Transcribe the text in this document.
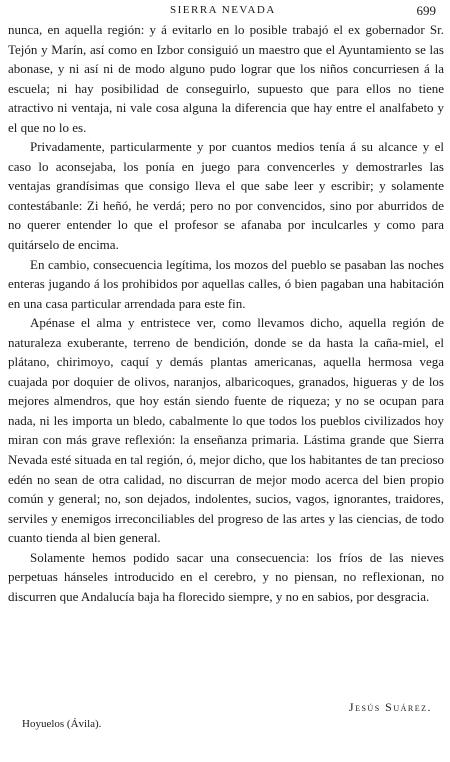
SIERRA NEVADA	699

nunca, en aquella región: y á evitarlo en lo posible trabajó el ex gobernador Sr. Tejón y Marín, así como en Izbor consiguió un maestro que el Ayuntamiento se las abonase, y ni así ni de modo alguno pudo lograr que los niños concurriesen á la escuela; ni hay posibilidad de conseguirlo, supuesto que para ellos no tiene atractivo ni ventaja, ni vale cosa alguna la diferencia que hay entre el analfabeto y el que no lo es.

Privadamente, particularmente y por cuantos medios tenía á su alcance y el caso lo aconsejaba, los ponía en juego para convencerles y demostrarles las ventajas grandísimas que consigo lleva el que sabe leer y escribir; y solamente contestábanle: Zi heñó, he verdá; pero no por convencidos, sino por aburridos de no querer entender lo que el profesor se afanaba por inculcarles y como para quitárselo de encima.

En cambio, consecuencia legítima, los mozos del pueblo se pasaban las noches enteras jugando á los prohibidos por aquellas calles, ó bien pagaban una habitación en una casa particular arrendada para este fin.

Apénase el alma y entristece ver, como llevamos dicho, aquella región de naturaleza exuberante, terreno de bendición, donde se da hasta la caña-miel, el plátano, chirimoyo, caquí y demás plantas americanas, aquella hermosa vega cuajada por doquier de olivos, naranjos, albaricoques, granados, higueras y de los mejores almendros, que hoy están siendo fuente de riqueza; y no se ocupan para nada, ni les importa un bledo, cabalmente lo que todos los pueblos civilizados hoy miran con más grave reflexión: la enseñanza primaria. Lástima grande que Sierra Nevada esté situada en tal región, ó, mejor dicho, que los habitantes de tan precioso edén no sean de otra calidad, no discurran de mejor modo acerca del bien propio común y general; no, son dejados, indolentes, sucios, vagos, ignorantes, traidores, serviles y enemigos irreconciliables del progreso de las artes y las ciencias, de todo cuanto tienda al bien general.

Solamente hemos podido sacar una consecuencia: los fríos de las nieves perpetuas hánseles introducido en el cerebro, y no piensan, no reflexionan, no discurren que Andalucía baja ha florecido siempre, y no en sabios, por desgracia.

Jesús Suárez.
Hoyuelos (Ávila).
